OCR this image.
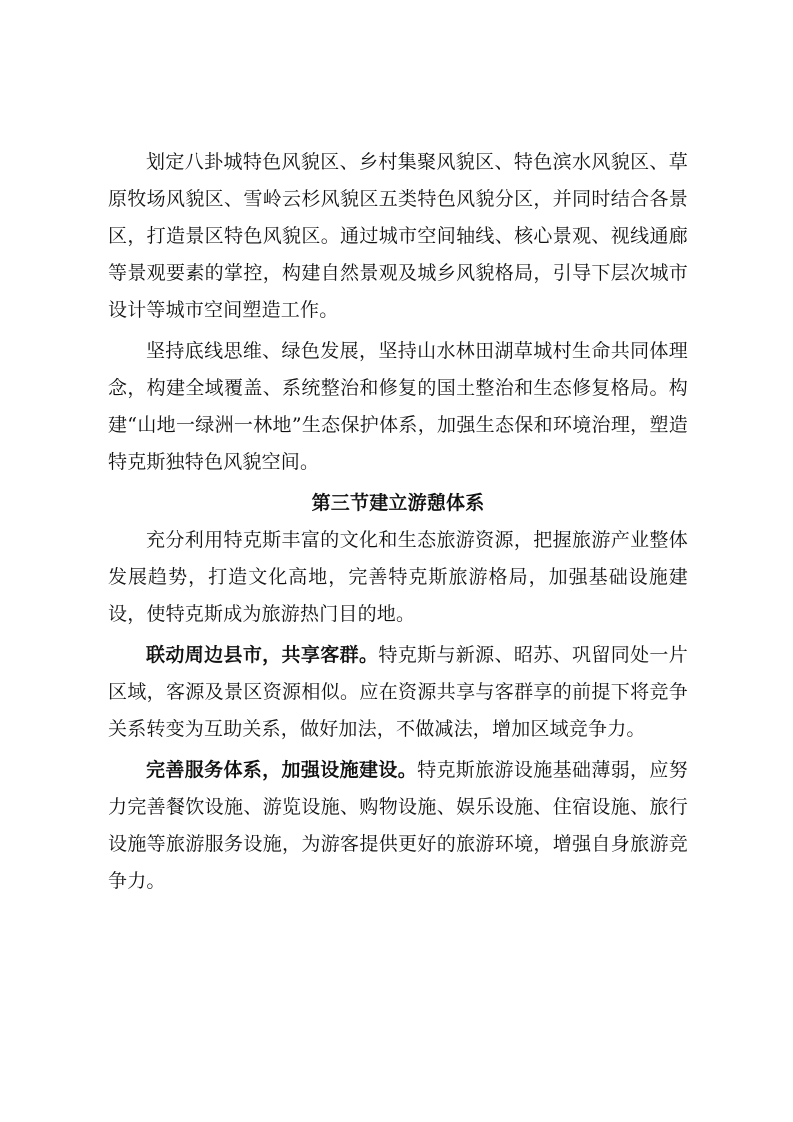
划定八卦城特色风貌区、乡村集聚风貌区、特色滨水风貌区、草原牧场风貌区、雪岭云杉风貌区五类特色风貌分区，并同时结合各景区，打造景区特色风貌区。通过城市空间轴线、核心景观、视线通廊等景观要素的掌控，构建自然景观及城乡风貌格局，引导下层次城市设计等城市空间塑造工作。

坚持底线思维、绿色发展，坚持山水林田湖草城村生命共同体理念，构建全域覆盖、系统整治和修复的国土整治和生态修复格局。构建“山地一绿洲一林地”生态保护体系，加强生态保和环境治理，塑造特克斯独特色风貌空间。

第三节建立游憩体系

充分利用特克斯丰富的文化和生态旅游资源，把握旅游产业整体发展趋势，打造文化高地，完善特克斯旅游格局，加强基础设施建设，使特克斯成为旅游热门目的地。

联动周边县市，共享客群。特克斯与新源、昭苏、巩留同处一片区域，客源及景区资源相似。应在资源共享与客群享的前提下将竞争关系转变为互助关系，做好加法，不做减法，增加区域竞争力。

完善服务体系，加强设施建设。特克斯旅游设施基础薄弱，应努力完善餐饮设施、游览设施、购物设施、娱乐设施、住宿设施、旅行设施等旅游服务设施，为游客提供更好的旅游环境，增强自身旅游竞争力。
